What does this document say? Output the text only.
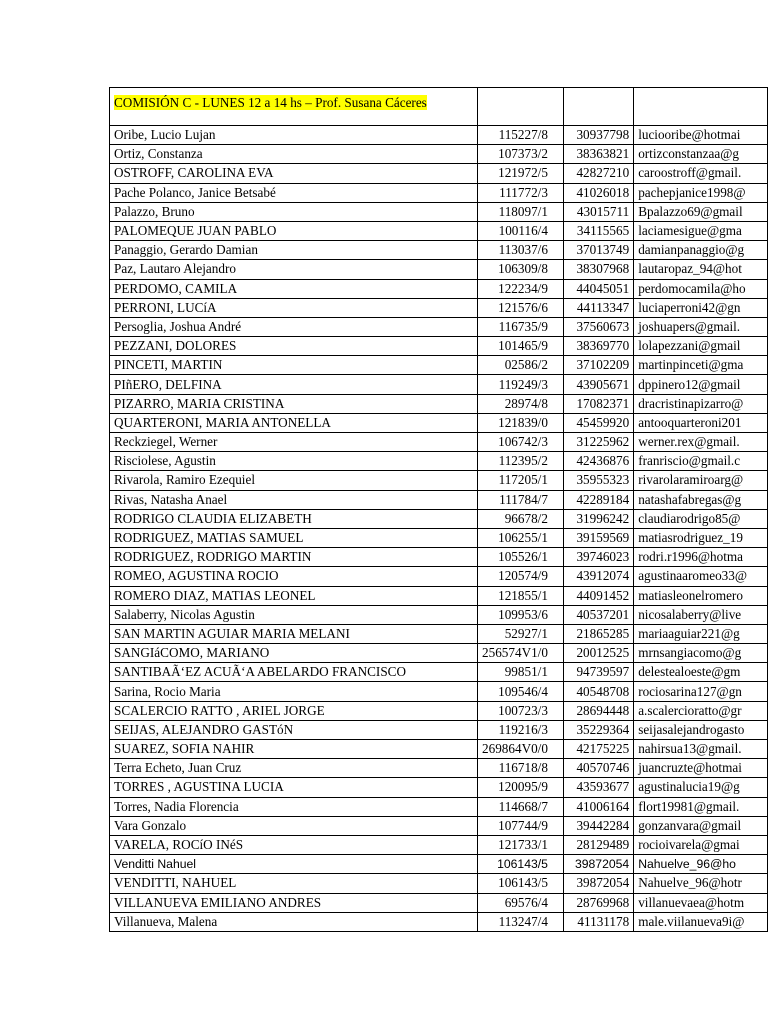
COMISIÓN C - LUNES 12 a 14 hs – Prof. Susana Cáceres			
Oribe, Lucio Lujan	115227/8	30937798	luciooribe@hotmai
Ortiz, Constanza	107373/2	38363821	ortizconstanzaa@g
OSTROFF, CAROLINA EVA	121972/5	42827210	caroostroff@gmail.
Pache Polanco, Janice Betsabé	111772/3	41026018	pachepjanice1998@
Palazzo, Bruno	118097/1	43015711	Bpalazzo69@gmail
PALOMEQUE JUAN PABLO	100116/4	34115565	laciamesigue@gma
Panaggio, Gerardo Damian	113037/6	37013749	damianpanaggio@g
Paz, Lautaro Alejandro	106309/8	38307968	lautaropaz_94@hot
PERDOMO, CAMILA	122234/9	44045051	perdomocamila@ho
PERRONI, LUCíA	121576/6	44113347	luciaperroni42@gn
Persoglia, Joshua André	116735/9	37560673	joshuapers@gmail.
PEZZANI, DOLORES	101465/9	38369770	lolapezzani@gmail
PINCETI, MARTIN	02586/2	37102209	martinpinceti@gma
PIñERO, DELFINA	119249/3	43905671	dppinero12@gmail
PIZARRO, MARIA CRISTINA	28974/8	17082371	dracristinapizarro@
QUARTERONI, MARIA ANTONELLA	121839/0	45459920	antooquarteroni201
Reckziegel, Werner	106742/3	31225962	werner.rex@gmail.
Risciolese, Agustin	112395/2	42436876	franriscio@gmail.c
Rivarola, Ramiro Ezequiel	117205/1	35955323	rivarolaramiroarg@
Rivas, Natasha Anael	111784/7	42289184	natashafabregas@g
RODRIGO CLAUDIA ELIZABETH	96678/2	31996242	claudiarodrigo85@
RODRIGUEZ, MATIAS SAMUEL	106255/1	39159569	matiasrodriguez_19
RODRIGUEZ, RODRIGO MARTIN	105526/1	39746023	rodri.r1996@hotma
ROMEO, AGUSTINA ROCIO	120574/9	43912074	agustinaaromeo33@
ROMERO DIAZ, MATIAS LEONEL	121855/1	44091452	matiasleonelromero
Salaberry, Nicolas Agustin	109953/6	40537201	nicosalaberry@live
SAN MARTIN AGUIAR MARIA MELANI	52927/1	21865285	mariaaguiar221@g
SANGIáCOMO, MARIANO	256574V1/0	20012525	mrnsangiacomo@g
SANTIBAÃ‘EZ ACUÃ‘A ABELARDO FRANCISCO	99851/1	94739597	delestealoeste@gm
Sarina, Rocio Maria	109546/4	40548708	rociosarina127@gn
SCALERCIO RATTO , ARIEL JORGE	100723/3	28694448	a.scalercioratto@gr
SEIJAS, ALEJANDRO GASTóN	119216/3	35229364	seijasalejandrogasto
SUAREZ, SOFIA NAHIR	269864V0/0	42175225	nahirsua13@gmail.
Terra Echeto, Juan Cruz	116718/8	40570746	juancruzte@hotmai
TORRES , AGUSTINA LUCIA	120095/9	43593677	agustinalucia19@g
Torres, Nadia Florencia	114668/7	41006164	flort19981@gmail.
Vara Gonzalo	107744/9	39442284	gonzanvara@gmail
VARELA, ROCíO INéS	121733/1	28129489	rocioivarela@gmai
Venditti Nahuel	106143/5	39872054	Nahuelve_96@ho
VENDITTI, NAHUEL	106143/5	39872054	Nahuelve_96@hotr
VILLANUEVA EMILIANO ANDRES	69576/4	28769968	villanuevaea@hotm
Villanueva, Malena	113247/4	41131178	male.viilanueva9i@
